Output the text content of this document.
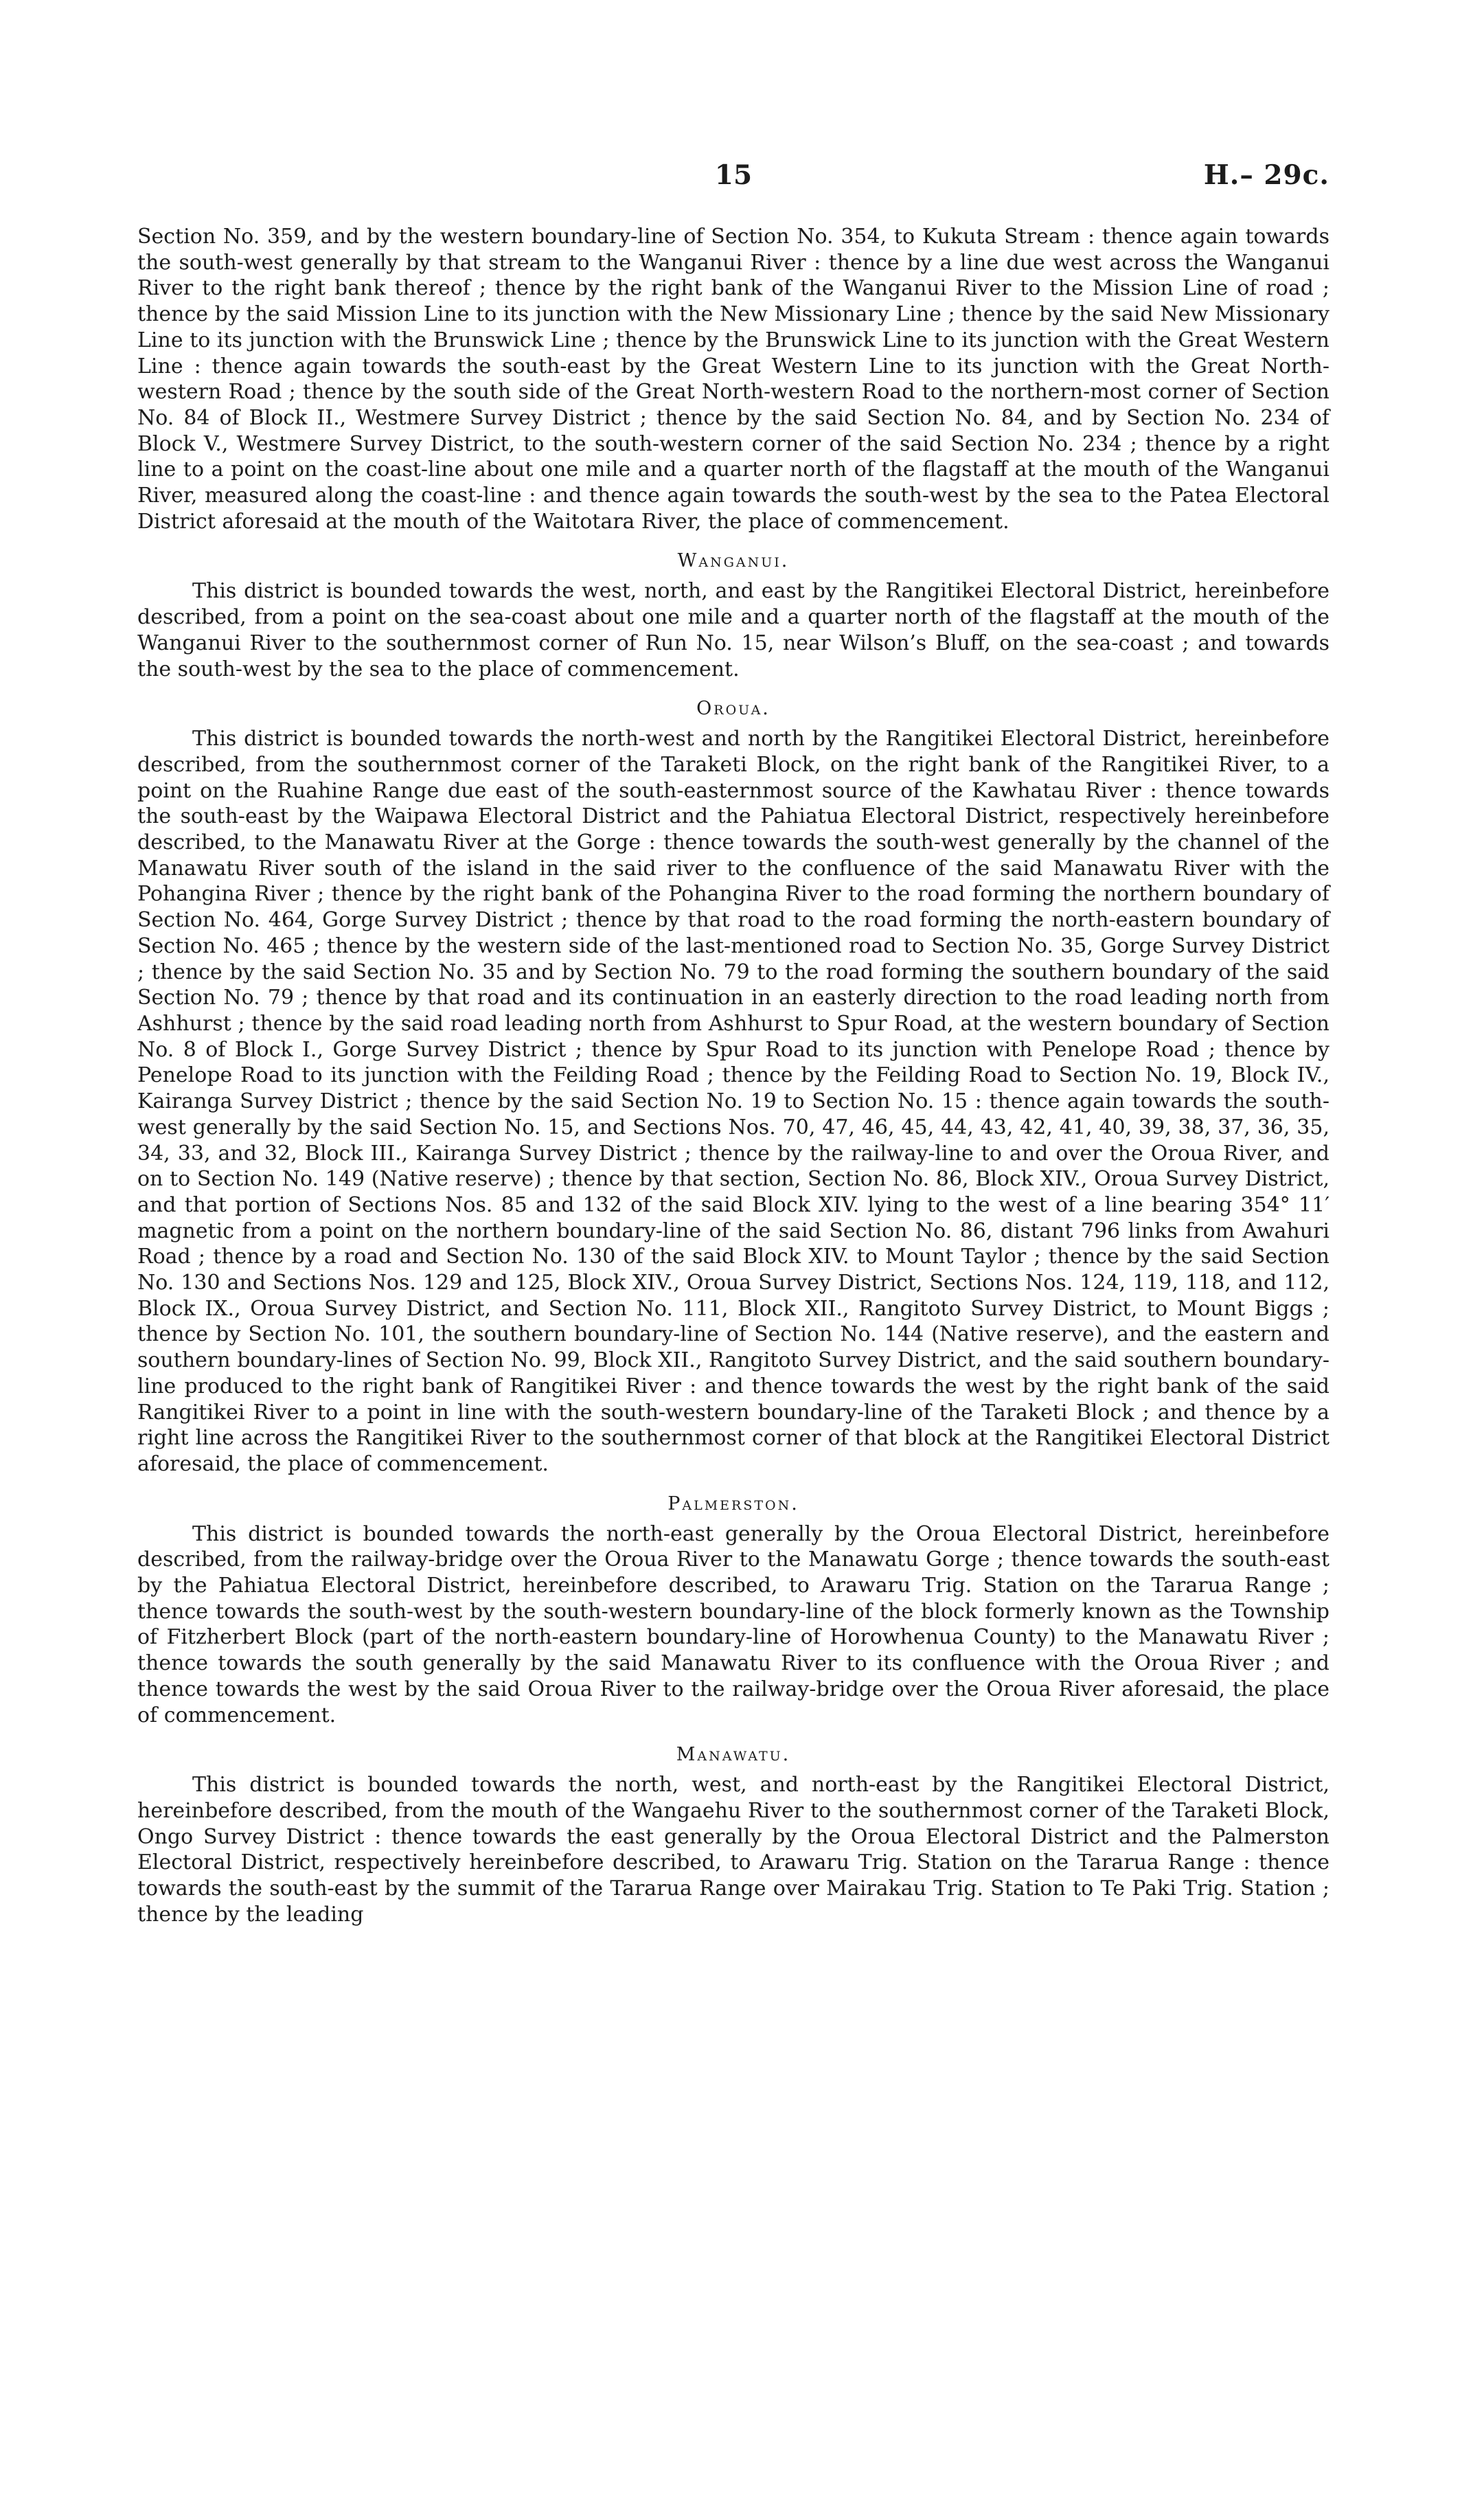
15	H.– 29c.

Section No. 359, and by the western boundary-line of Section No. 354, to Kukuta Stream : thence again towards the south-west generally by that stream to the Wanganui River : thence by a line due west across the Wanganui River to the right bank thereof ; thence by the right bank of the Wanganui River to the Mission Line of road ; thence by the said Mission Line to its junction with the New Missionary Line ; thence by the said New Missionary Line to its junction with the Brunswick Line ; thence by the Brunswick Line to its junction with the Great Western Line : thence again towards the south-east by the Great Western Line to its junction with the Great North-western Road ; thence by the south side of the Great North-western Road to the northern-most corner of Section No. 84 of Block II., Westmere Survey District ; thence by the said Section No. 84, and by Section No. 234 of Block V., Westmere Survey District, to the south-western corner of the said Section No. 234 ; thence by a right line to a point on the coast-line about one mile and a quarter north of the flagstaff at the mouth of the Wanganui River, measured along the coast-line : and thence again towards the south-west by the sea to the Patea Electoral District aforesaid at the mouth of the Waitotara River, the place of commencement.

Wanganui.

This district is bounded towards the west, north, and east by the Rangitikei Electoral District, hereinbefore described, from a point on the sea-coast about one mile and a quarter north of the flagstaff at the mouth of the Wanganui River to the southernmost corner of Run No. 15, near Wilson’s Bluff, on the sea-coast ; and towards the south-west by the sea to the place of commencement.

Oroua.

This district is bounded towards the north-west and north by the Rangitikei Electoral District, hereinbefore described, from the southernmost corner of the Taraketi Block, on the right bank of the Rangitikei River, to a point on the Ruahine Range due east of the south-easternmost source of the Kawhatau River : thence towards the south-east by the Waipawa Electoral District and the Pahiatua Electoral District, respectively hereinbefore described, to the Manawatu River at the Gorge : thence towards the south-west generally by the channel of the Manawatu River south of the island in the said river to the confluence of the said Manawatu River with the Pohangina River ; thence by the right bank of the Pohangina River to the road forming the northern boundary of Section No. 464, Gorge Survey District ; thence by that road to the road forming the north-eastern boundary of Section No. 465 ; thence by the western side of the last-mentioned road to Section No. 35, Gorge Survey District ; thence by the said Section No. 35 and by Section No. 79 to the road forming the southern boundary of the said Section No. 79 ; thence by that road and its continuation in an easterly direction to the road leading north from Ashhurst ; thence by the said road leading north from Ashhurst to Spur Road, at the western boundary of Section No. 8 of Block I., Gorge Survey District ; thence by Spur Road to its junction with Penelope Road ; thence by Penelope Road to its junction with the Feilding Road ; thence by the Feilding Road to Section No. 19, Block IV., Kairanga Survey District ; thence by the said Section No. 19 to Section No. 15 : thence again towards the south-west generally by the said Section No. 15, and Sections Nos. 70, 47, 46, 45, 44, 43, 42, 41, 40, 39, 38, 37, 36, 35, 34, 33, and 32, Block III., Kairanga Survey District ; thence by the railway-line to and over the Oroua River, and on to Section No. 149 (Native reserve) ; thence by that section, Section No. 86, Block XIV., Oroua Survey District, and that portion of Sections Nos. 85 and 132 of the said Block XIV. lying to the west of a line bearing 354° 11′ magnetic from a point on the northern boundary-line of the said Section No. 86, distant 796 links from Awahuri Road ; thence by a road and Section No. 130 of the said Block XIV. to Mount Taylor ; thence by the said Section No. 130 and Sections Nos. 129 and 125, Block XIV., Oroua Survey District, Sections Nos. 124, 119, 118, and 112, Block IX., Oroua Survey District, and Section No. 111, Block XII., Rangitoto Survey District, to Mount Biggs ; thence by Section No. 101, the southern boundary-line of Section No. 144 (Native reserve), and the eastern and southern boundary-lines of Section No. 99, Block XII., Rangitoto Survey District, and the said southern boundary-line produced to the right bank of Rangitikei River : and thence towards the west by the right bank of the said Rangitikei River to a point in line with the south-western boundary-line of the Taraketi Block ; and thence by a right line across the Rangitikei River to the southernmost corner of that block at the Rangitikei Electoral District aforesaid, the place of commencement.

Palmerston.

This district is bounded towards the north-east generally by the Oroua Electoral District, hereinbefore described, from the railway-bridge over the Oroua River to the Manawatu Gorge ; thence towards the south-east by the Pahiatua Electoral District, hereinbefore described, to Arawaru Trig. Station on the Tararua Range ; thence towards the south-west by the south-western boundary-line of the block formerly known as the Township of Fitzherbert Block (part of the north-eastern boundary-line of Horowhenua County) to the Manawatu River ; thence towards the south generally by the said Manawatu River to its confluence with the Oroua River ; and thence towards the west by the said Oroua River to the railway-bridge over the Oroua River aforesaid, the place of commencement.

Manawatu.

This district is bounded towards the north, west, and north-east by the Rangitikei Electoral District, hereinbefore described, from the mouth of the Wangaehu River to the southernmost corner of the Taraketi Block, Ongo Survey District : thence towards the east generally by the Oroua Electoral District and the Palmerston Electoral District, respectively hereinbefore described, to Arawaru Trig. Station on the Tararua Range : thence towards the south-east by the summit of the Tararua Range over Mairakau Trig. Station to Te Paki Trig. Station ; thence by the leading
